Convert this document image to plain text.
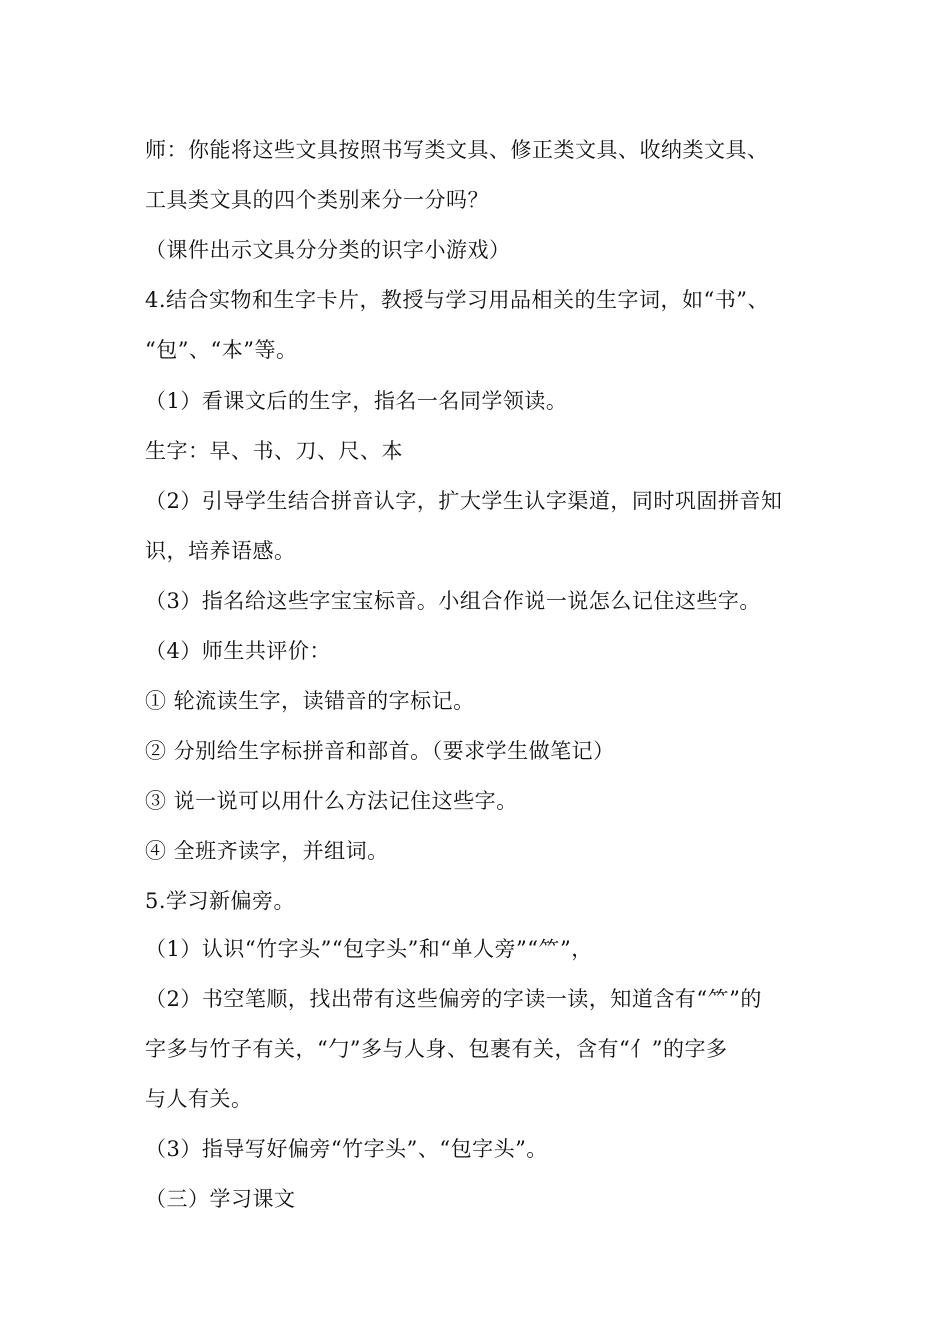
师：你能将这些文具按照书写类文具、修正类文具、收纳类文具、

工具类文具的四个类别来分一分吗？

（课件出示文具分分类的识字小游戏）

4.结合实物和生字卡片，教授与学习用品相关的生字词，如“书”、

“包”、“本”等。

（1）看课文后的生字，指名一名同学领读。

生字：早、书、刀、尺、本

（2）引导学生结合拼音认字，扩大学生认字渠道，同时巩固拼音知

识，培养语感。

（3）指名给这些字宝宝标音。小组合作说一说怎么记住这些字。

（4）师生共评价：

① 轮流读生字，读错音的字标记。

② 分别给生字标拼音和部首。（要求学生做笔记）

③ 说一说可以用什么方法记住这些字。

④ 全班齐读字，并组词。

5.学习新偏旁。

（1）认识“竹字头”“包字头”和“单人旁”“⺮”，

（2）书空笔顺，找出带有这些偏旁的字读一读，知道含有“⺮”的

字多与竹子有关，“勹”多与人身、包裹有关，含有“亻”的字多

与人有关。

（3）指导写好偏旁“竹字头”、“包字头”。

（三）学习课文
